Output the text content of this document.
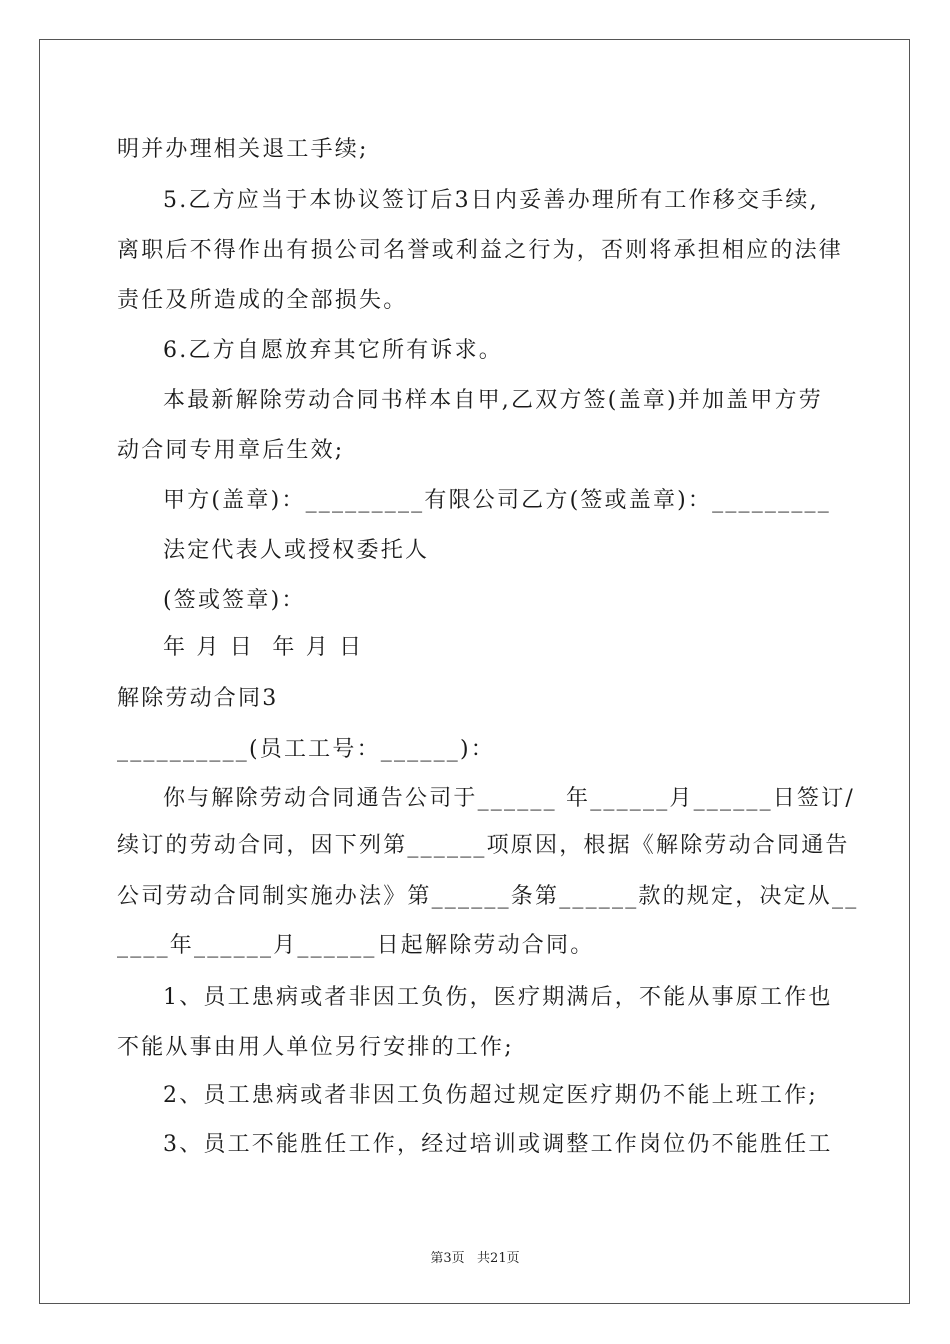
明并办理相关退工手续;
5.乙方应当于本协议签订后3日内妥善办理所有工作移交手续,
离职后不得作出有损公司名誉或利益之行为，否则将承担相应的法律
责任及所造成的全部损失。
6.乙方自愿放弃其它所有诉求。
本最新解除劳动合同书样本自甲,乙双方签(盖章)并加盖甲方劳
动合同专用章后生效;
甲方(盖章)：_________有限公司乙方(签或盖章)：_________
法定代表人或授权委托人
(签或签章)：
年 月 日  年 月 日
解除劳动合同3
__________(员工工号：______)：
你与解除劳动合同通告公司于______ 年______月______日签订/
续订的劳动合同，因下列第______项原因，根据《解除劳动合同通告
公司劳动合同制实施办法》第______条第______款的规定，决定从__
____年______月______日起解除劳动合同。
1、员工患病或者非因工负伤，医疗期满后，不能从事原工作也
不能从事由用人单位另行安排的工作;
2、员工患病或者非因工负伤超过规定医疗期仍不能上班工作;
3、员工不能胜任工作，经过培训或调整工作岗位仍不能胜任工
第3页   共21页
